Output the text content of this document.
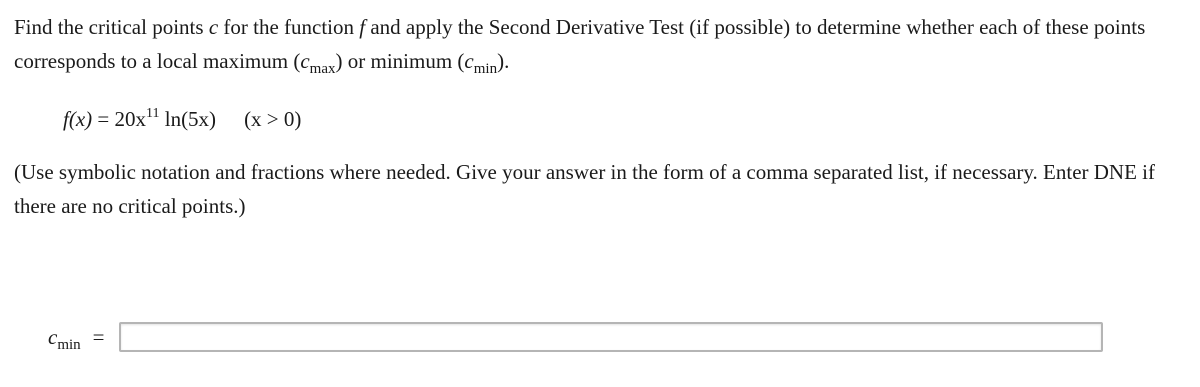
Find the critical points c for the function f and apply the Second Derivative Test (if possible) to determine whether each of these points corresponds to a local maximum $(c_{max})$ or minimum $(c_{min})$.
$f(x) = 20x^{11}$ ln(5x) (x > 0)
(Use symbolic notation and fractions where needed. Give your answer in the form of a comma separated list, if necessary. Enter DNE if there are no critical points.)
$c_{min}$ =
